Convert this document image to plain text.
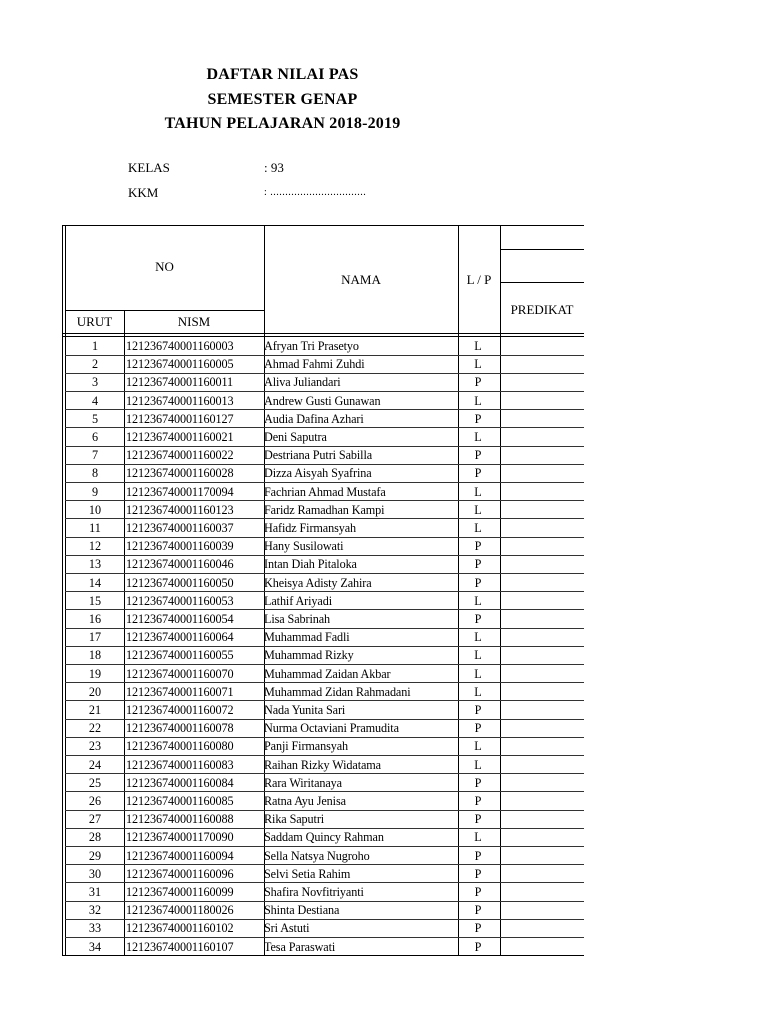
DAFTAR NILAI PAS
SEMESTER GENAP
TAHUN PELAJARAN 2018-2019
KELAS	: 93
KKM	: ................................
NO
URUT	NISM
NAMA	L / P
PREDIKAT
1	121236740001160003	Afryan Tri Prasetyo	L
2	121236740001160005	Ahmad Fahmi Zuhdi	L
3	121236740001160011	Aliva Juliandari	P
4	121236740001160013	Andrew Gusti Gunawan	L
5	121236740001160127	Audia Dafina Azhari	P
6	121236740001160021	Deni Saputra	L
7	121236740001160022	Destriana Putri Sabilla	P
8	121236740001160028	Dizza Aisyah Syafrina	P
9	121236740001170094	Fachrian Ahmad Mustafa	L
10	121236740001160123	Faridz Ramadhan Kampi	L
11	121236740001160037	Hafidz Firmansyah	L
12	121236740001160039	Hany Susilowati	P
13	121236740001160046	Intan Diah Pitaloka	P
14	121236740001160050	Kheisya Adisty Zahira	P
15	121236740001160053	Lathif Ariyadi	L
16	121236740001160054	Lisa Sabrinah	P
17	121236740001160064	Muhammad Fadli	L
18	121236740001160055	Muhammad Rizky	L
19	121236740001160070	Muhammad Zaidan Akbar	L
20	121236740001160071	Muhammad Zidan Rahmadani	L
21	121236740001160072	Nada Yunita Sari	P
22	121236740001160078	Nurma Octaviani Pramudita	P
23	121236740001160080	Panji Firmansyah	L
24	121236740001160083	Raihan Rizky Widatama	L
25	121236740001160084	Rara Wiritanaya	P
26	121236740001160085	Ratna Ayu Jenisa	P
27	121236740001160088	Rika Saputri	P
28	121236740001170090	Saddam Quincy Rahman	L
29	121236740001160094	Sella Natsya Nugroho	P
30	121236740001160096	Selvi Setia Rahim	P
31	121236740001160099	Shafira Novfitriyanti	P
32	121236740001180026	Shinta Destiana	P
33	121236740001160102	Sri Astuti	P
34	121236740001160107	Tesa Paraswati	P
